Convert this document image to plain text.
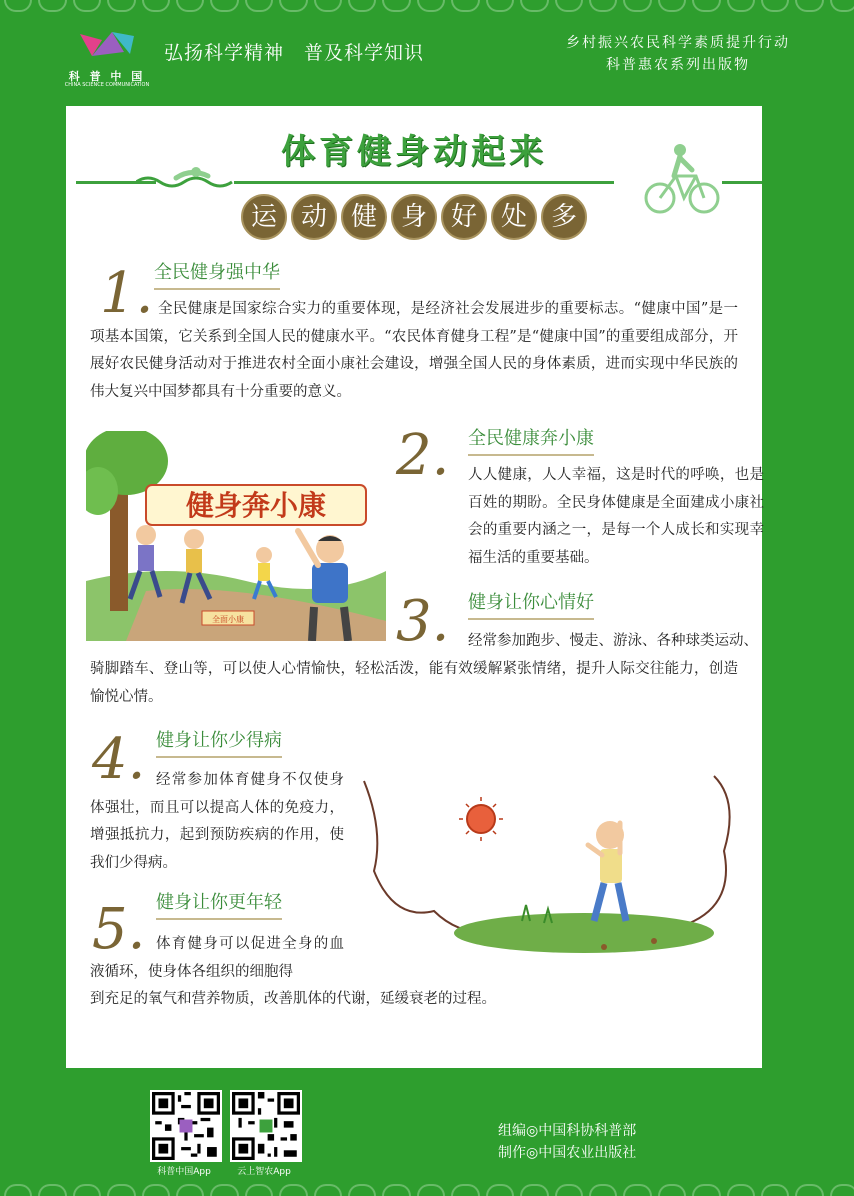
科 普 中 国
CHINA SCIENCE COMMUNICATION
弘扬科学精神　普及科学知识	乡村振兴农民科学素质提升行动
科普惠农系列出版物
体育健身动起来
运 动 健 身 好 处 多
1. 全民健身强中华
全民健康是国家综合实力的重要体现，是经济社会发展进步的重要标志。“健康中国”是一项基本国策，它关系到全国人民的健康水平。“农民体育健身工程”是“健康中国”的重要组成部分，开展好农民健身活动对于推进农村全面小康社会建设，增强全国人民的身体素质，进而实现中华民族的伟大复兴中国梦都具有十分重要的意义。
健身奔小康
全面小康
2. 全民健康奔小康
人人健康，人人幸福，这是时代的呼唤，也是百姓的期盼。全民身体健康是全面建成小康社会的重要内涵之一，是每一个人成长和实现幸福生活的重要基础。
3. 健身让你心情好
经常参加跑步、慢走、游泳、各种球类运动、
骑脚踏车、登山等，可以使人心情愉快，轻松活泼，能有效缓解紧张情绪，提升人际交往能力，创造愉悦心情。
4. 健身让你少得病
经常参加体育健身不仅使身体强壮，而且可以提高人体的免疫力，增强抵抗力，起到预防疾病的作用，使我们少得病。
5. 健身让你更年轻
体育健身可以促进全身的血液循环，使身体各组织的细胞得
到充足的氧气和营养物质，改善肌体的代谢，延缓衰老的过程。
科普中国App	云上智农App
组编◎中国科协科普部
制作◎中国农业出版社
